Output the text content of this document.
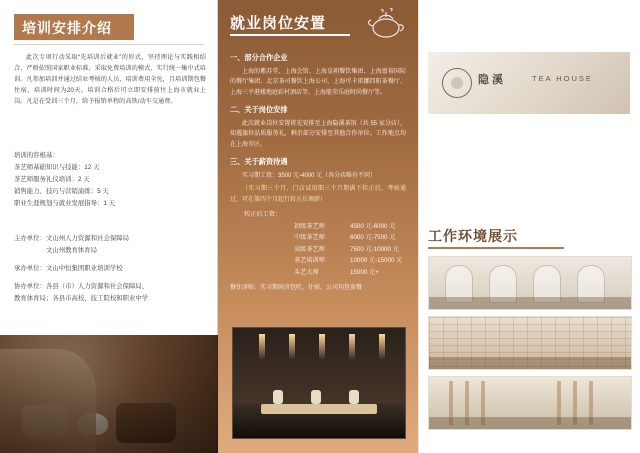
培训安排介绍

此次专项行动采取“先培训后就业”的形式，坚持理论与实践相结合，严格依照国家职业标准，采取免费培训的模式，实行统一集中式培训。凡参加培训并通过结业考核的人员，培训费用全免，且培训期包餐住宿，培训时间为20天。培训合格后可立即安排前往上海市就业上岗。凡是在受训三个月，给予报销单程的高铁/动车交通费。

培训的容根基：
茶艺师基础知识与技能：12 天
茶艺师服务礼仪培训：2 天
销售能力、技巧与营销演练：5 天
职业生涯规划与就业发展指导：1 天
主办单位： 文山州人力资源和社会保障局
文山州教育体育局
承办单位： 文山中恒集团职业培训学校
协办单位： 各县（市）人力资源和社会保障局、
教育体育局；各县市高校、技工院校和职业中学
就业岗位安置
一、部分合作企业

上海的紫苏堂、上海会馆、上海皇朝餐饮集团、上海富裕国际的餐厅集团、北京茶司餐饮上海公司、上海可卡雷娜四阳茶餐厅、上海三平港楼地庭彩村酒店等、上海能荣乐庭时尚餐厅等。

二、关于岗位安排

此次就业岗位安置将先安排至上海隐溪茶馆（共 55 家分店），知遇旗位品质服务礼，剩余部分安排至其他合作单位。工作地点均在上海市区。

三、关于薪资待遇

实习期工资：3500 元-4000 元（各分店略有不同）

（实习期三个月，门店试用期三个月期满下转正后，考核通过，可在第四个月起行转正后调薪）

转正后工资：
初级茶艺师	4500 元-6000 元
中级茶艺师	6000 元-7500 元
高级茶艺师	7500 元-10000 元
茶艺培训师	10000 元-15000 元
头艺大师	15000 元+
餐住津贴：实习期间含包吃、住宿，公司均包套餐
隐溪	TEA HOUSE
工作环境展示
